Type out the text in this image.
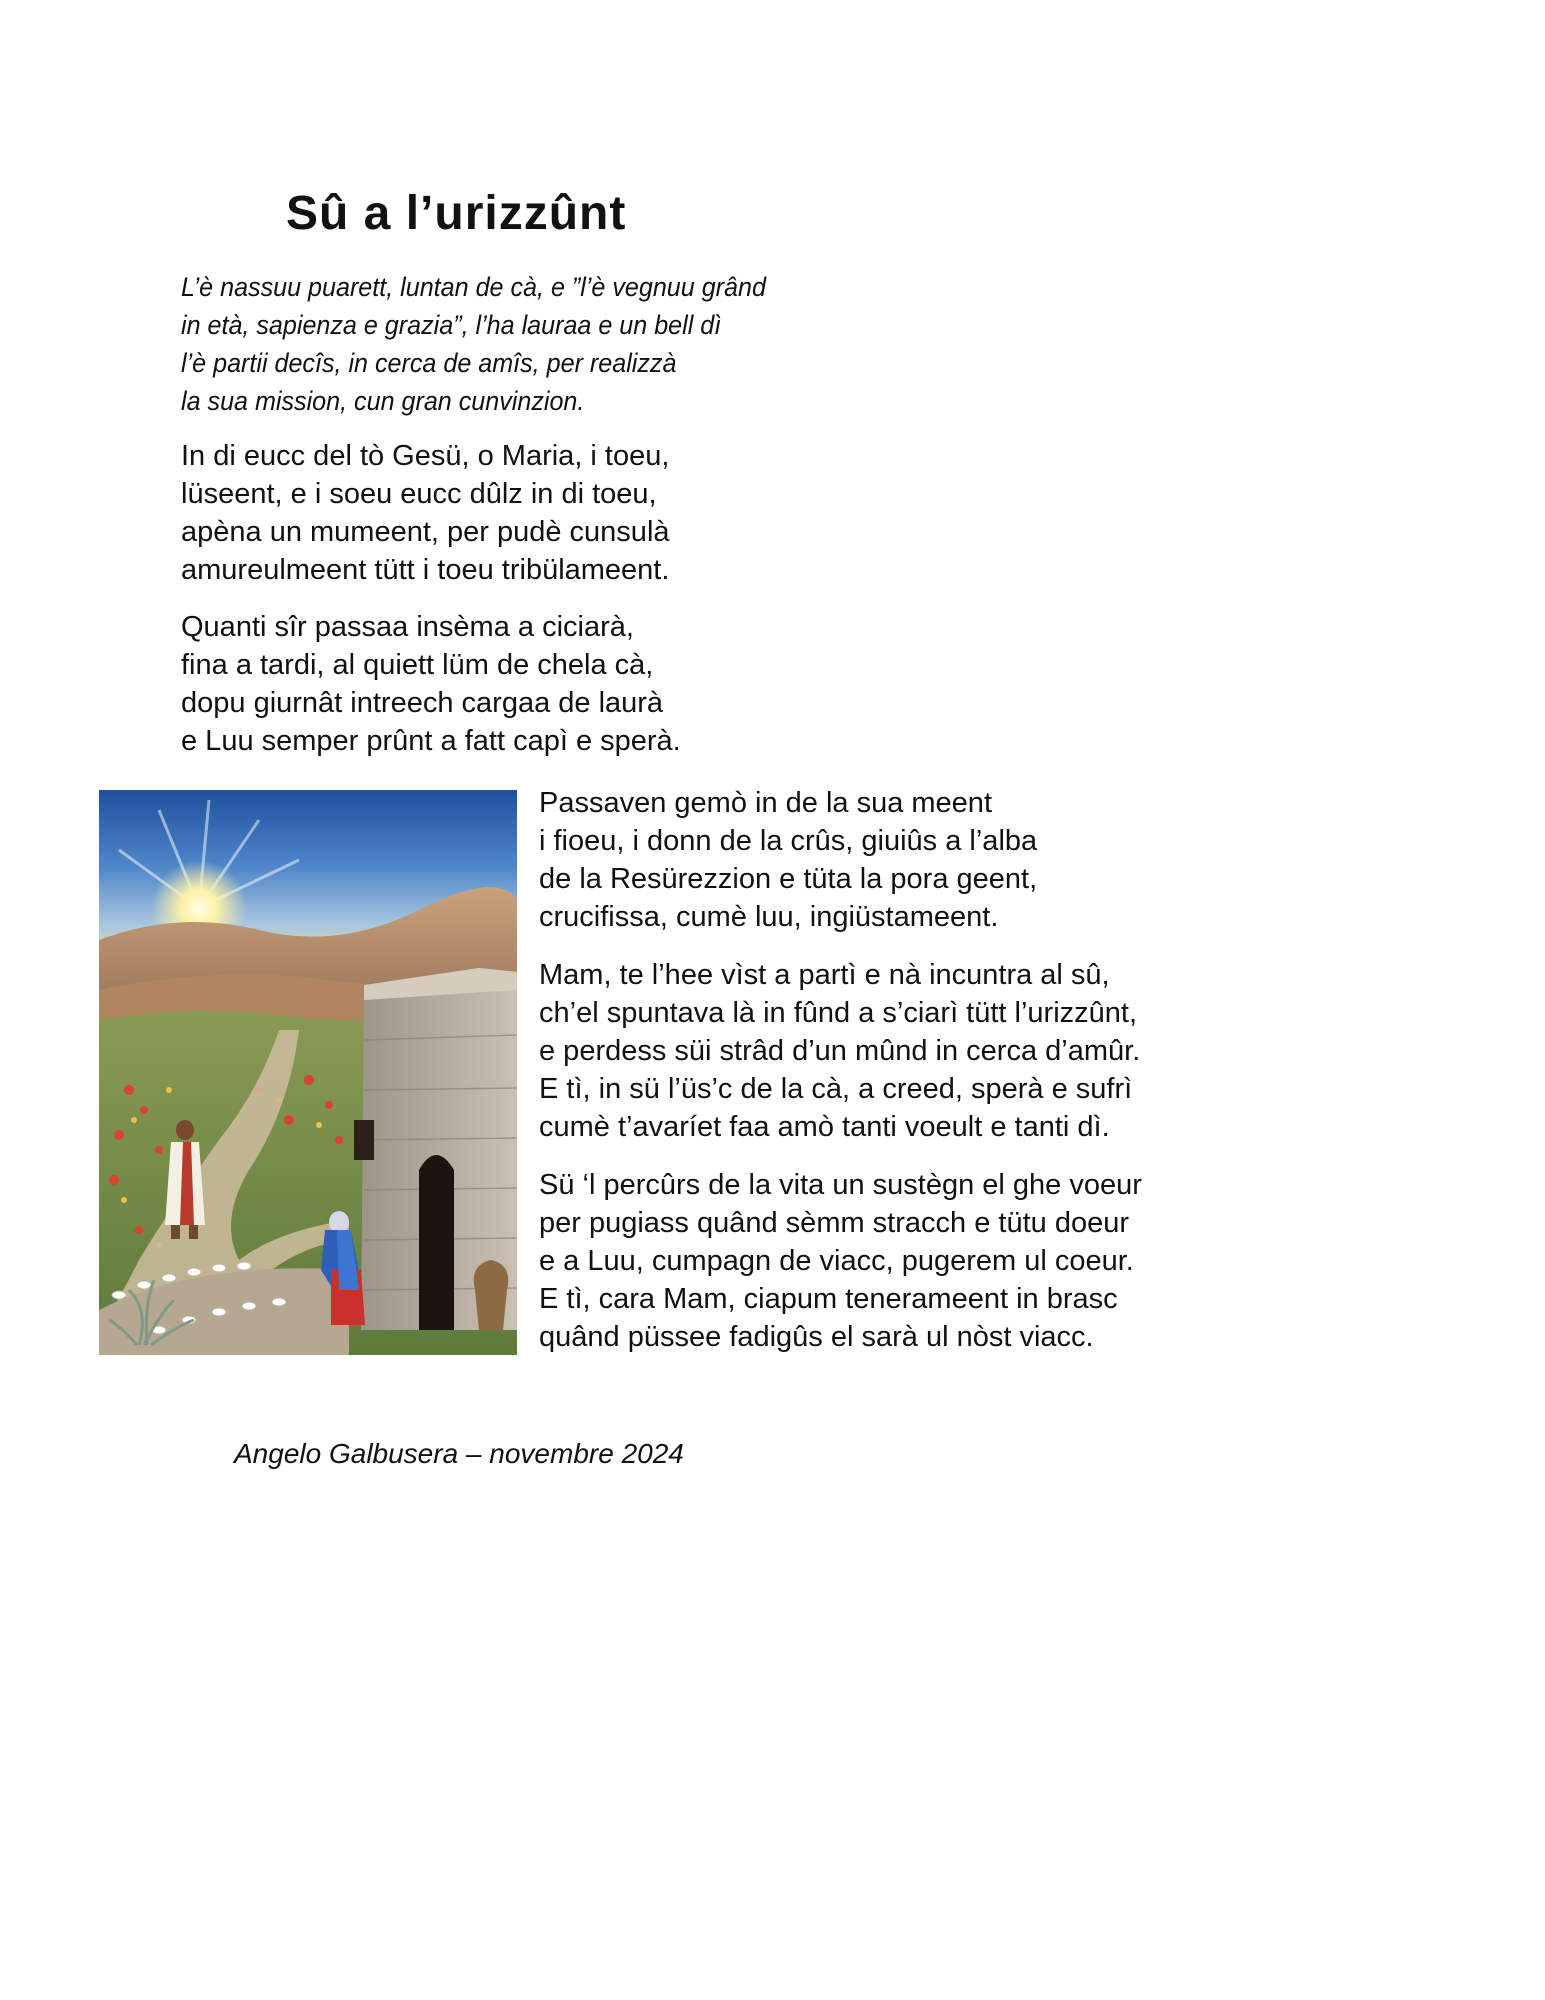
Sû a l’urizzûnt
L’è nassuu puarett, luntan de cà, e ”l’è vegnuu grând
in età, sapienza e grazia”, l’ha lauraa e un bell dì
l’è partii decîs, in cerca de amîs, per realizzà
la sua mission, cun gran cunvinzion.
In di eucc del tò Gesü, o Maria, i toeu,
lüseent, e i soeu eucc dûlz in di toeu,
apèna un mumeent, per pudè cunsulà
amureulmeent tütt i toeu tribülameent.
Quanti sîr passaa insèma a ciciarà,
fina a tardi, al quiett lüm de chela cà,
dopu giurnât intreech cargaa de laurà
e Luu semper prûnt a fatt capì e sperà.
Passaven gemò in de la sua meent
i fioeu, i donn de la crûs, giuiûs a l’alba
de la Resürezzion e tüta la pora geent,
crucifissa, cumè luu, ingiüstameent.
Mam, te l’hee vìst a partì e nà incuntra al sû,
ch’el spuntava là in fûnd a s’ciarì tütt l’urizzûnt,
e perdess süi strâd d’un mûnd in cerca d’amûr.
E tì, in sü l’üs’c de la cà, a creed, sperà e sufrì
cumè t’avaríet faa amò tanti voeult e tanti dì.
Sü ‘l percûrs de la vita un sustègn el ghe voeur
per pugiass quând sèmm stracch e tütu doeur
e a Luu, cumpagn de viacc, pugerem ul coeur.
E tì, cara Mam, ciapum teneramеent in brasc
quând püssee fadigûs el sarà ul nòst viacc.

Angelo Galbusera – novembre 2024
